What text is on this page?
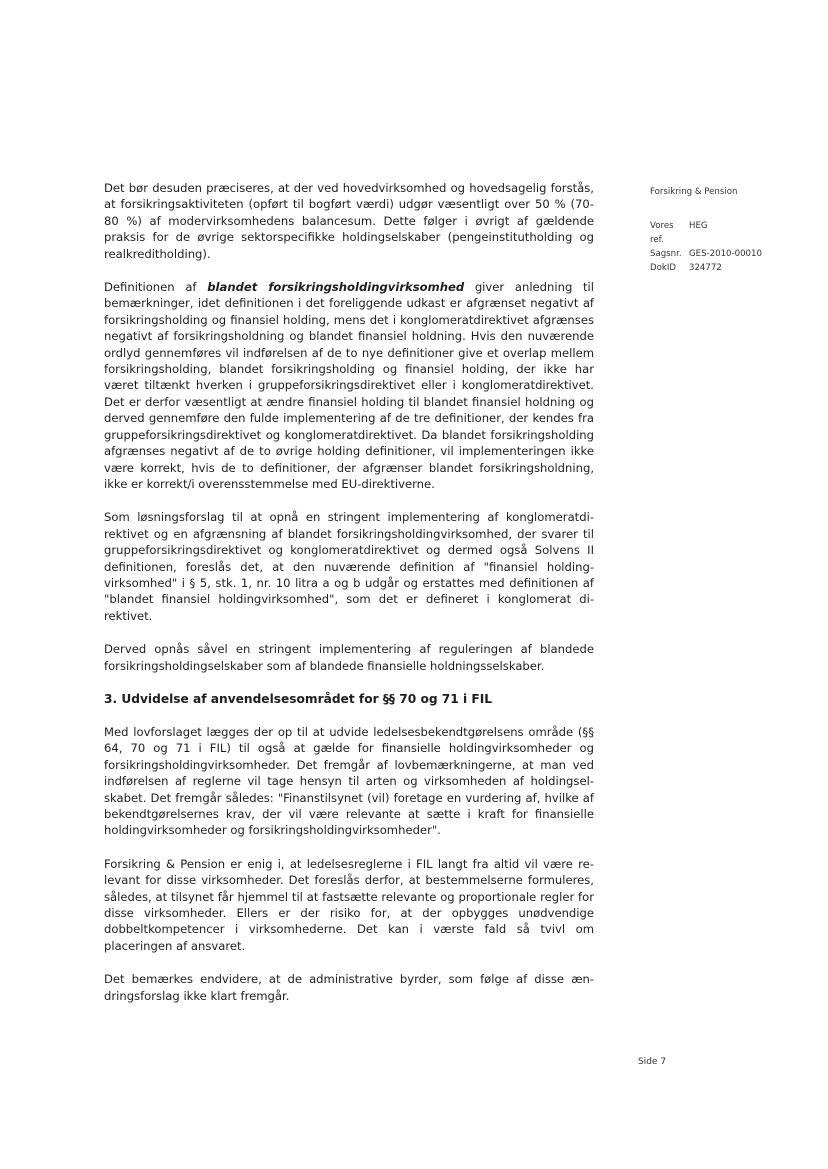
Det bør desuden præciseres, at der ved hovedvirksomhed og hovedsagelig forstås, at forsikringsaktiviteten (opført til bogført værdi) udgør væsentligt over 50 % (70-80 %) af modervirksomhedens balancesum. Dette følger i øvrigt af gældende praksis for de øvrige sektorspecifikke holdingselskaber (pengeinstitutholding og realkreditholding).

Definitionen af blandet forsikringsholdingvirksomhed giver anledning til bemærkninger, idet definitionen i det foreliggende udkast er afgrænset negativt af forsikringsholding og finansiel holding, mens det i konglomeratdirektivet afgrænses negativt af forsikringsholdning og blandet finansiel holdning. Hvis den nuværende ordlyd gennemføres vil indførelsen af de to nye definitioner give et overlap mellem forsikringsholding, blandet forsikringsholding og finansiel holding, der ikke har været tiltænkt hverken i gruppeforsikringsdirektivet eller i konglomeratdirektivet. Det er derfor væsentligt at ændre finansiel holding til blandet finansiel holdning og derved gennemføre den fulde implementering af de tre definitioner, der kendes fra gruppeforsikringsdirektivet og konglomeratdirektivet. Da blandet forsikringsholding afgrænses negativt af de to øvrige holding definitioner, vil implementeringen ikke være korrekt, hvis de to definitioner, der afgrænser blandet forsikringsholdning, ikke er korrekt/i overensstemmelse med EU-direktiverne.

Som løsningsforslag til at opnå en stringent implementering af konglomeratdirektivet og en afgrænsning af blandet forsikringsholdingvirksomhed, der svarer til gruppeforsikringsdirektivet og konglomeratdirektivet og dermed også Solvens II definitionen, foreslås det, at den nuværende definition af "finansiel holdingvirksomhed" i § 5, stk. 1, nr. 10 litra a og b udgår og erstattes med definitionen af "blandet finansiel holdingvirksomhed", som det er defineret i konglomerat direktivet.

Derved opnås såvel en stringent implementering af reguleringen af blandede forsikringsholdingselskaber som af blandede finansielle holdningsselskaber.

3. Udvidelse af anvendelsesområdet for §§ 70 og 71 i FIL

Med lovforslaget lægges der op til at udvide ledelsesbekendtgørelsens område (§§ 64, 70 og 71 i FIL) til også at gælde for finansielle holdingvirksomheder og forsikringsholdingvirksomheder. Det fremgår af lovbemærkningerne, at man ved indførelsen af reglerne vil tage hensyn til arten og virksomheden af holdingselskabet. Det fremgår således: "Finanstilsynet (vil) foretage en vurdering af, hvilke af bekendtgørelsernes krav, der vil være relevante at sætte i kraft for finansielle holdingvirksomheder og forsikringsholdingvirksomheder".

Forsikring & Pension er enig i, at ledelsesreglerne i FIL langt fra altid vil være relevant for disse virksomheder. Det foreslås derfor, at bestemmelserne formuleres, således, at tilsynet får hjemmel til at fastsætte relevante og proportionale regler for disse virksomheder. Ellers er der risiko for, at der opbygges unødvendige dobbeltkompetencer i virksomhederne. Det kan i værste fald så tvivl om placeringen af ansvaret.

Det bemærkes endvidere, at de administrative byrder, som følge af disse ændringsforslag ikke klart fremgår.

Forsikring & Pension
Vores ref.
HEG
Sagsnr. GES-2010-00010
DokID	324772
Side 7
